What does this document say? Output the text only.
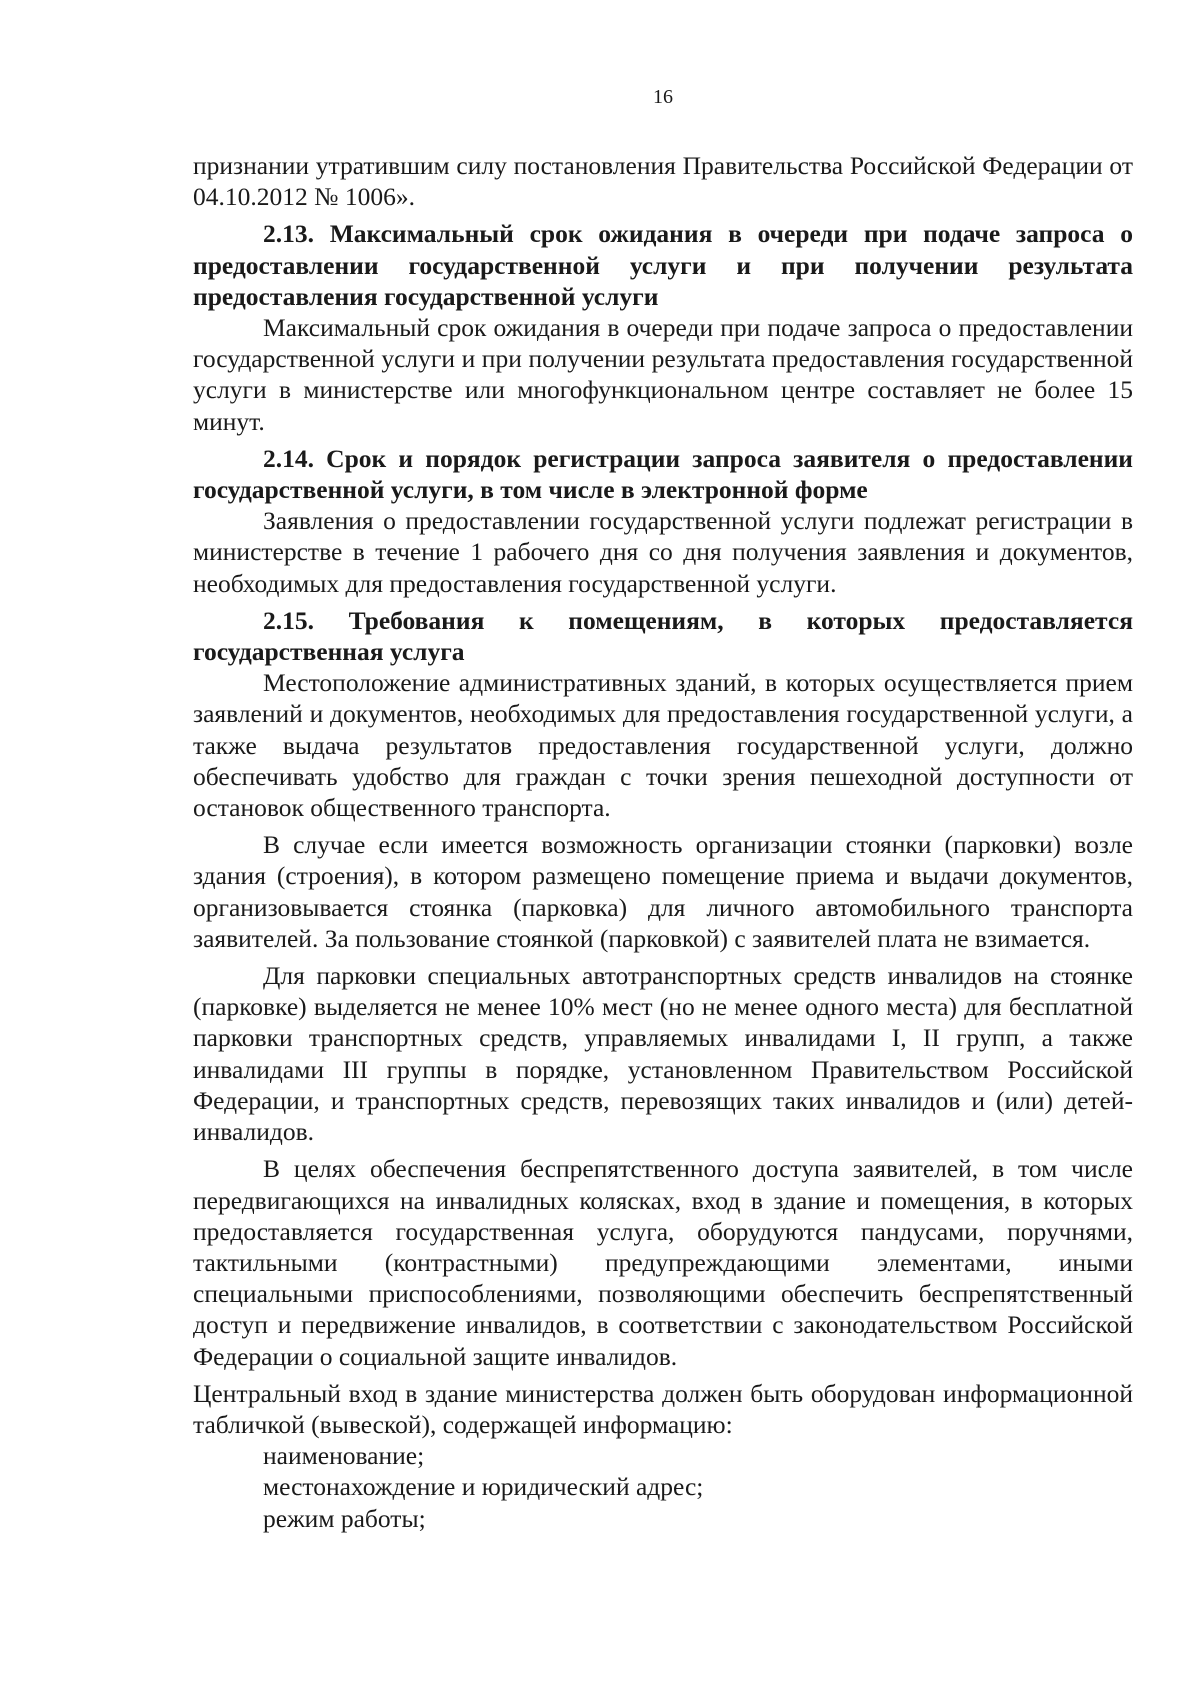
16

признании утратившим силу постановления Правительства Российской Федерации от 04.10.2012 № 1006».

2.13. Максимальный срок ожидания в очереди при подаче запроса о предоставлении государственной услуги и при получении результата предоставления государственной услуги

Максимальный срок ожидания в очереди при подаче запроса о предоставлении государственной услуги и при получении результата предоставления государственной услуги в министерстве или многофункциональном центре составляет не более 15 минут.

2.14. Срок и порядок регистрации запроса заявителя о предоставлении государственной услуги, в том числе в электронной форме

Заявления о предоставлении государственной услуги подлежат регистрации в министерстве в течение 1 рабочего дня со дня получения заявления и документов, необходимых для предоставления государственной услуги.

2.15. Требования к помещениям, в которых предоставляется государственная услуга

Местоположение административных зданий, в которых осуществляется прием заявлений и документов, необходимых для предоставления государственной услуги, а также выдача результатов предоставления государственной услуги, должно обеспечивать удобство для граждан с точки зрения пешеходной доступности от остановок общественного транспорта.

В случае если имеется возможность организации стоянки (парковки) возле здания (строения), в котором размещено помещение приема и выдачи документов, организовывается стоянка (парковка) для личного автомобильного транспорта заявителей. За пользование стоянкой (парковкой) с заявителей плата не взимается.

Для парковки специальных автотранспортных средств инвалидов на стоянке (парковке) выделяется не менее 10% мест (но не менее одного места) для бесплатной парковки транспортных средств, управляемых инвалидами I, II групп, а также инвалидами III группы в порядке, установленном Правительством Российской Федерации, и транспортных средств, перевозящих таких инвалидов и (или) детей-инвалидов.

В целях обеспечения беспрепятственного доступа заявителей, в том числе передвигающихся на инвалидных колясках, вход в здание и помещения, в которых предоставляется государственная услуга, оборудуются пандусами, поручнями, тактильными (контрастными) предупреждающими элементами, иными специальными приспособлениями, позволяющими обеспечить беспрепятственный доступ и передвижение инвалидов, в соответствии с законодательством Российской Федерации о социальной защите инвалидов.

Центральный вход в здание министерства должен быть оборудован информационной табличкой (вывеской), содержащей информацию:

наименование;

местонахождение и юридический адрес;

режим работы;
